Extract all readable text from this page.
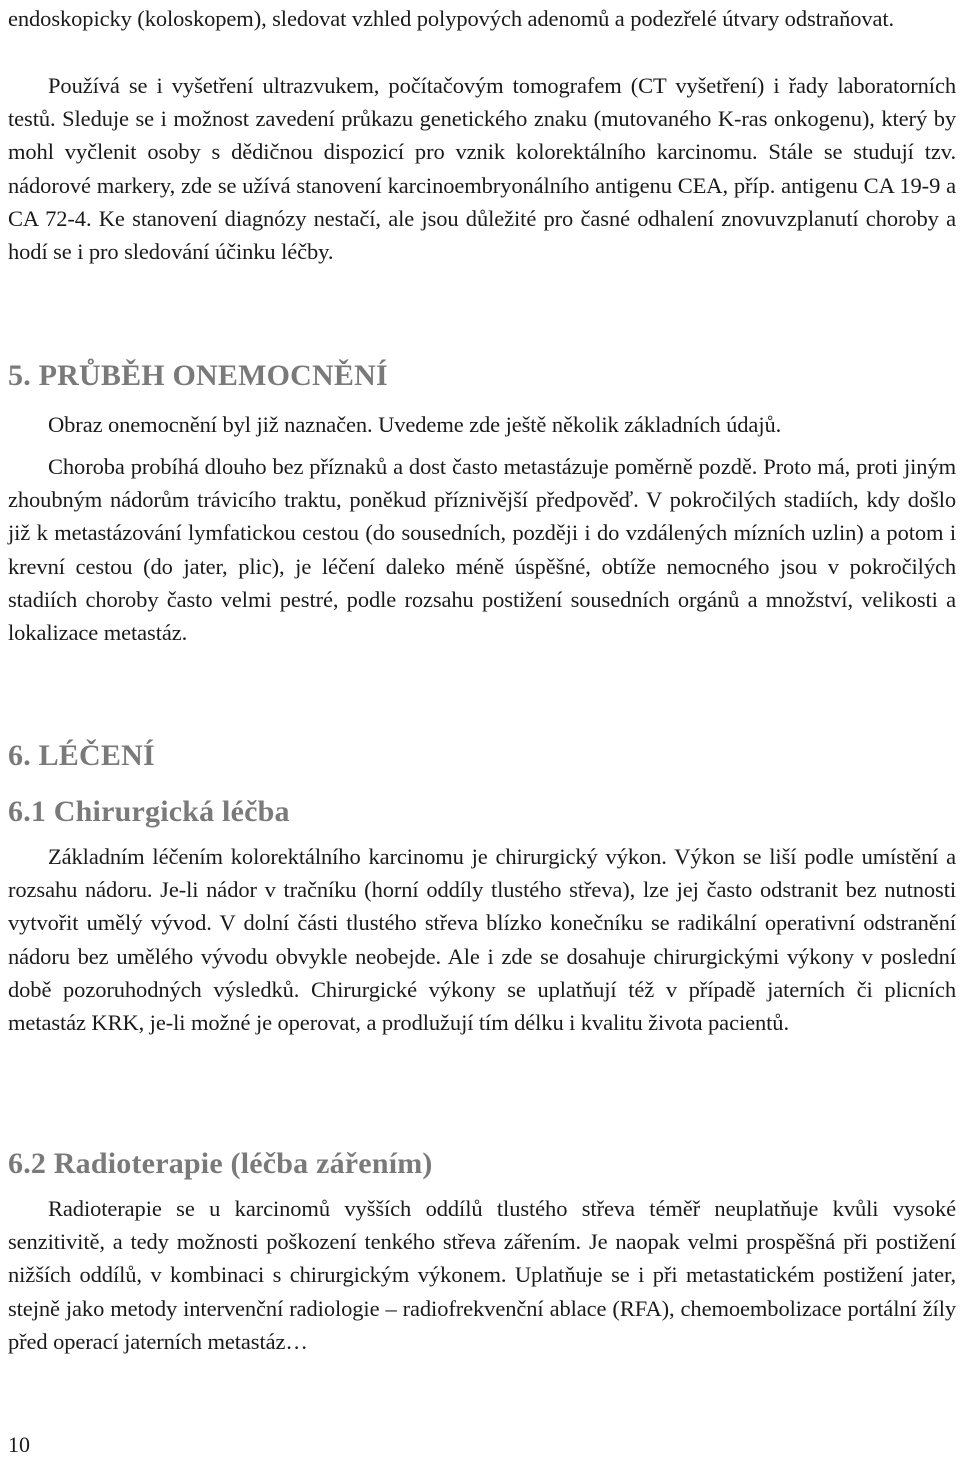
endoskopicky (koloskopem), sledovat vzhled polypových adenomů a podezřelé útvary odstraňovat.

Používá se i vyšetření ultrazvukem, počítačovým tomografem (CT vyšetření) i řady laboratorních testů. Sleduje se i možnost zavedení průkazu genetického znaku (mutovaného K-ras onkogenu), který by mohl vyčlenit osoby s dědičnou dispozicí pro vznik kolorektálního karcinomu. Stále se studují tzv. nádorové markery, zde se užívá stanovení karcinoembryonálního antigenu CEA, příp. antigenu CA 19-9 a CA 72-4. Ke stanovení diagnózy nestačí, ale jsou důležité pro časné odhalení znovuvzplanutí choroby a hodí se i pro sledování účinku léčby.

5. PRŮBĚH ONEMOCNĚNÍ

Obraz onemocnění byl již naznačen. Uvedeme zde ještě několik základních údajů.

Choroba probíhá dlouho bez příznaků a dost často metastázuje poměrně pozdě. Proto má, proti jiným zhoubným nádorům trávicího traktu, poněkud příznivější předpověď. V pokročilých stadiích, kdy došlo již k metastázování lymfatickou cestou (do sousedních, později i do vzdálených mízních uzlin) a potom i krevní cestou (do jater, plic), je léčení daleko méně úspěšné, obtíže nemocného jsou v pokročilých stadiích choroby často velmi pestré, podle rozsahu postižení sousedních orgánů a množství, velikosti a lokalizace metastáz.

6. LÉČENÍ
6.1 Chirurgická léčba

Základním léčením kolorektálního karcinomu je chirurgický výkon. Výkon se liší podle umístění a rozsahu nádoru. Je-li nádor v tračníku (horní oddíly tlustého střeva), lze jej často odstranit bez nutnosti vytvořit umělý vývod. V dolní části tlustého střeva blízko konečníku se radikální operativní odstranění nádoru bez umělého vývodu obvykle neobejde. Ale i zde se dosahuje chirurgickými výkony v poslední době pozoruhodných výsledků. Chirurgické výkony se uplatňují též v případě jaterních či plicních metastáz KRK, je-li možné je operovat, a prodlužují tím délku i kvalitu života pacientů.

6.2 Radioterapie (léčba zářením)

Radioterapie se u karcinomů vyšších oddílů tlustého střeva téměř neuplatňuje kvůli vysoké senzitivitě, a tedy možnosti poškození tenkého střeva zářením. Je naopak velmi prospěšná při postižení nižších oddílů, v kombinaci s chirurgickým výkonem. Uplatňuje se i při metastatickém postižení jater, stejně jako metody intervenční radiologie – radiofrekvenční ablace (RFA), chemoembolizace portální žíly před operací jaterních metastáz…

10
